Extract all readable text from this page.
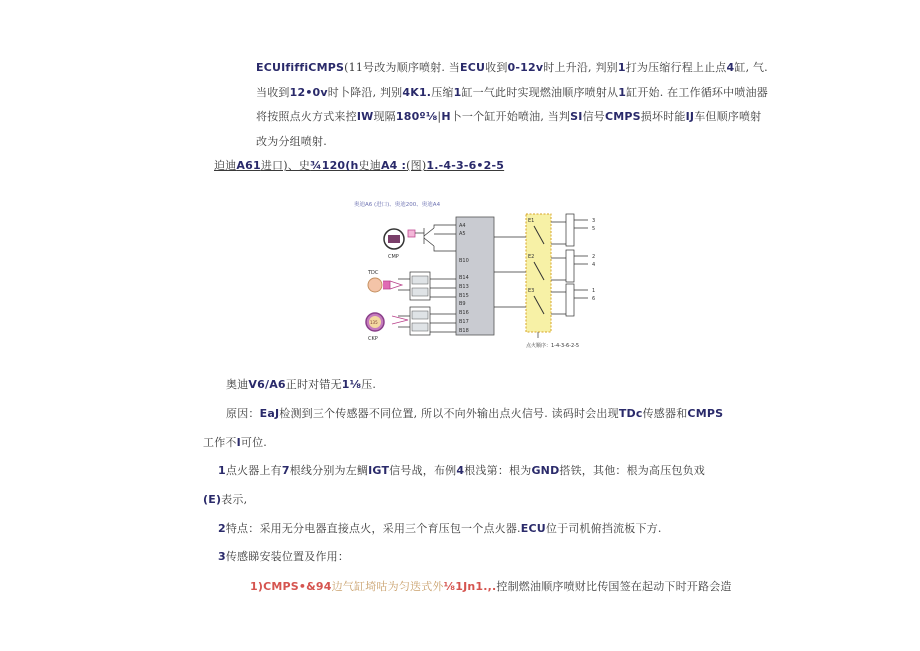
ECUIfiffiCMPS(11号改为顺序喷射. 当ECU收到0-12v时上升沿, 判别1打为压缩行程上止点4缸, 气.
当收到12•0v时卜降沿, 判别4K1.压缩1缸一气此时实现燃油顺序喷射从1缸开始. 在工作循环中喷油器
将按照点火方式来控IW现隔180º⅛|H卜一个缸开始喷油, 当判SI信号CMPS损坏时能IJ车但顺序喷射
改为分组喷射.
迫迪A61进口)、史¾120(h史迪A4 :(图)1.-4-3-6•2-5
奥迪A6 (进口)、奥迪200、奥迪A4
A4
A5
B10
B14
B13
B15
B9
B16
B17
B18
CMP
TDC
135
CKP
E1
E2
E3
点火顺序：1-4-3-6-2-5
3
5
2
4
1
6
奥迪V6/A6正时对错无1⅛压.
原因：EaJ检测到三个传感器不同位置, 所以不向外输出点火信号. 读码时会出现TDc传感器和CMPS
工作不I可位.
1点火器上有7根线分别为左鲷IGT信号战，布例4根浅第：根为GND搭铁，其他：根为高压包负戏
(E)表示,
2特点：采用无分电器直接点火，采用三个育压包一个点火器.ECU位于司机俯挡流板下方.
3传感睇安装位置及作用：
1)CMPS•&94边气缸埼咕为匀迭式外⅛1Jn1.,.控制燃油顺序喷财比传国签在起动下时开路会造
